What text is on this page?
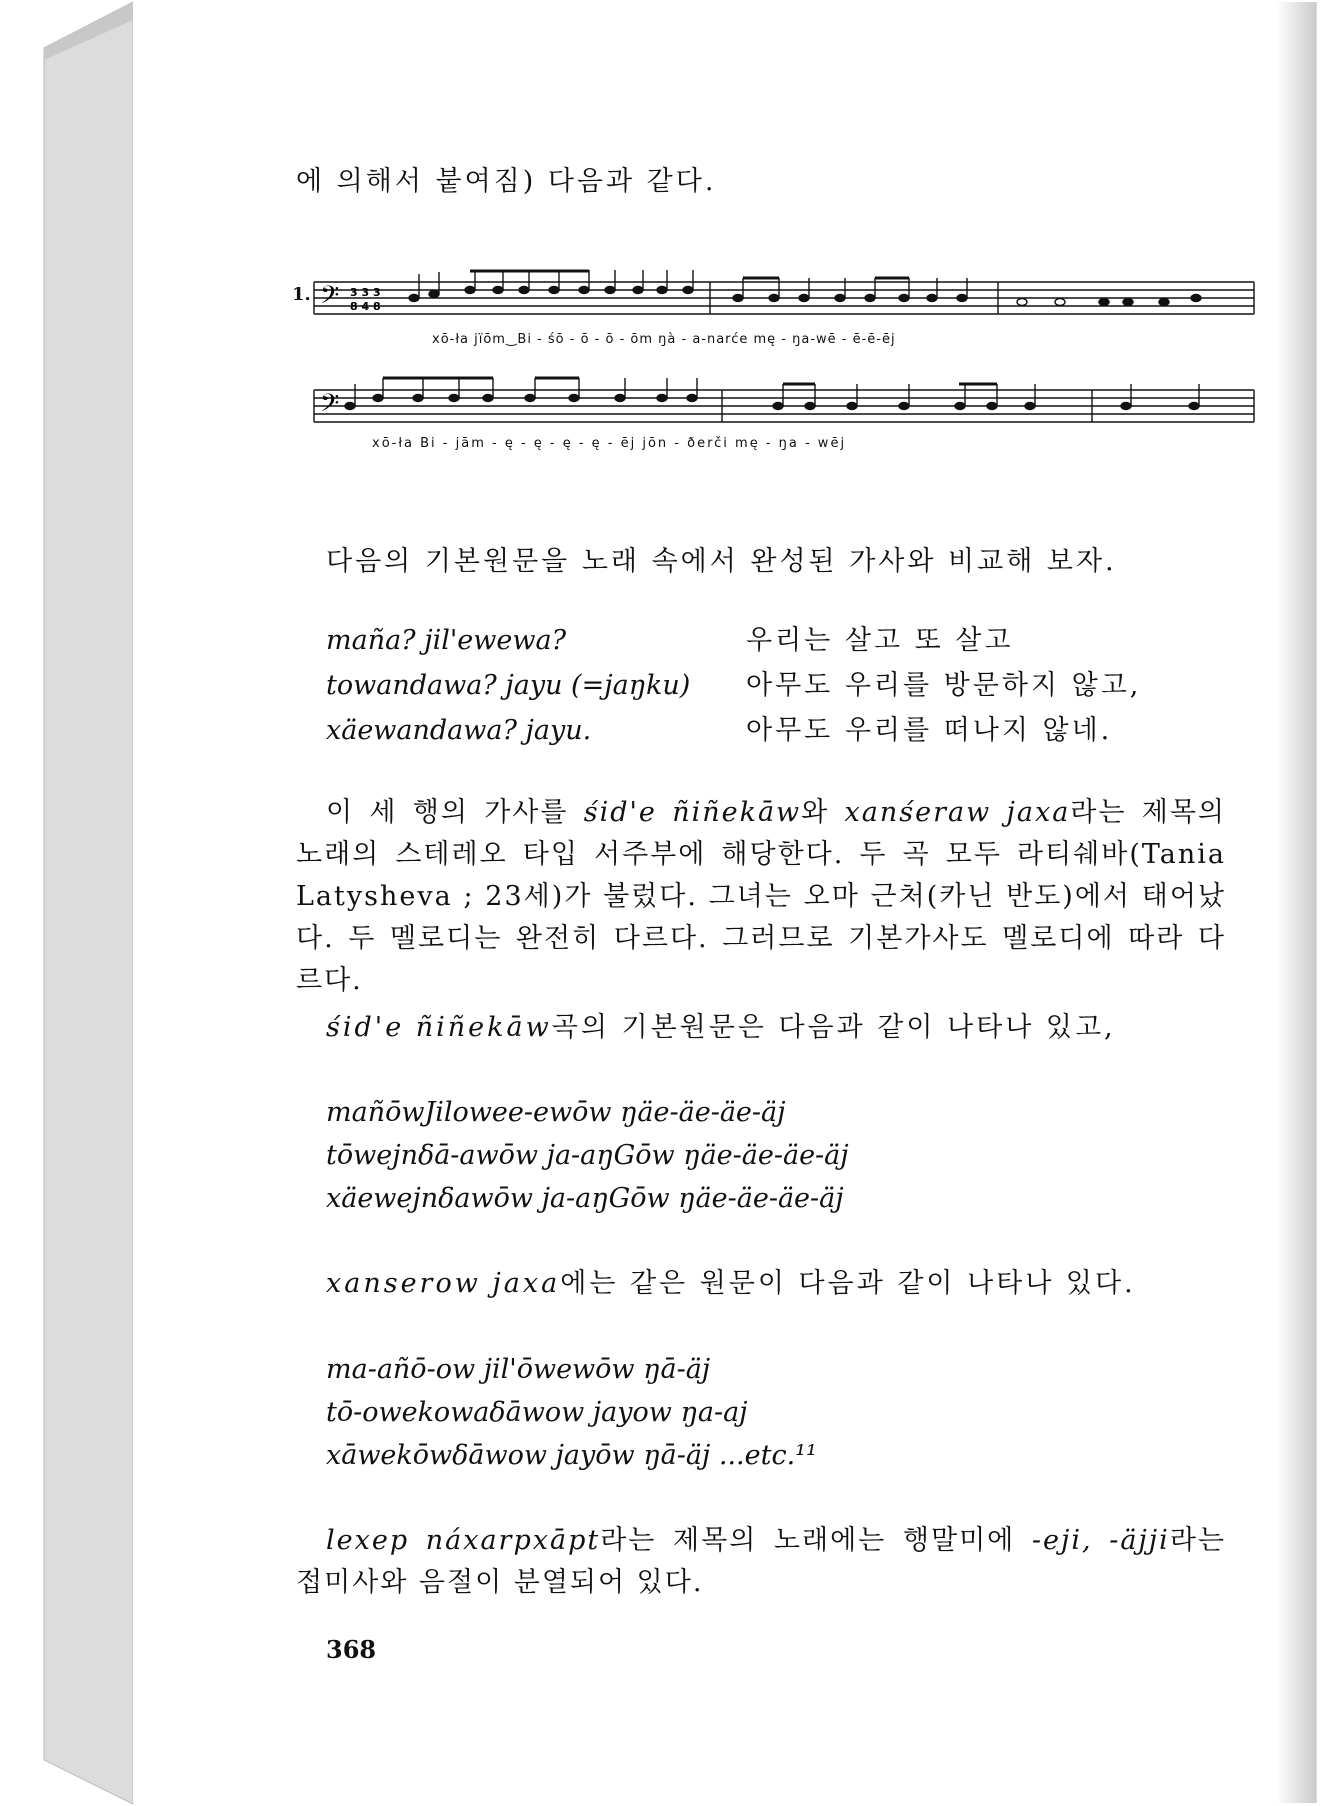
에 의해서 붙여짐) 다음과 같다.
1. 𝄢
𝄢
3 3 3
8 4 8
xō-ła jïōm‿Bi - śō - ō - ō - ōm ŋà - a-narće mę - ŋa-wē - ē-ē-ēj
xō-ła Bi - jām - ę - ę - ę - ę - ēj jōn - ðerči mę - ŋa - wēj
다음의 기본원문을 노래 속에서 완성된 가사와 비교해 보자.
maña? jil'ewewa?
towandawa? jayu (=jaŋku)
xäewandawa? jayu.
우리는 살고 또 살고
아무도 우리를 방문하지 않고,
아무도 우리를 떠나지 않네.
이 세 행의 가사를 śid'e ñiñekāw와 xanśeraw jaxa라는 제목의 노래의 스테레오 타입 서주부에 해당한다. 두 곡 모두 라티쉐바(Tania Latysheva ; 23세)가 불렀다. 그녀는 오마 근처(카닌 반도)에서 태어났다. 두 멜로디는 완전히 다르다. 그러므로 기본가사도 멜로디에 따라 다르다.
śid'e ñiñekāw곡의 기본원문은 다음과 같이 나타나 있고,
mañōwJilowee-ewōw ŋäe-äe-äe-äj
tōwejnδā-awōw ja-aŋGōw ŋäe-äe-äe-äj
xäewejnδawōw ja-aŋGōw ŋäe-äe-äe-äj
xanserow jaxa에는 같은 원문이 다음과 같이 나타나 있다.
ma-añō-ow jil'ōwewōw ŋā-äj
tō-owekowaδāwow jayow ŋa-aj
xāwekōwδāwow jayōw ŋā-äj ...etc.¹¹
lexep náxarpxāpt라는 제목의 노래에는 행말미에 -eji, -äjji라는 접미사와 음절이 분열되어 있다.
368
